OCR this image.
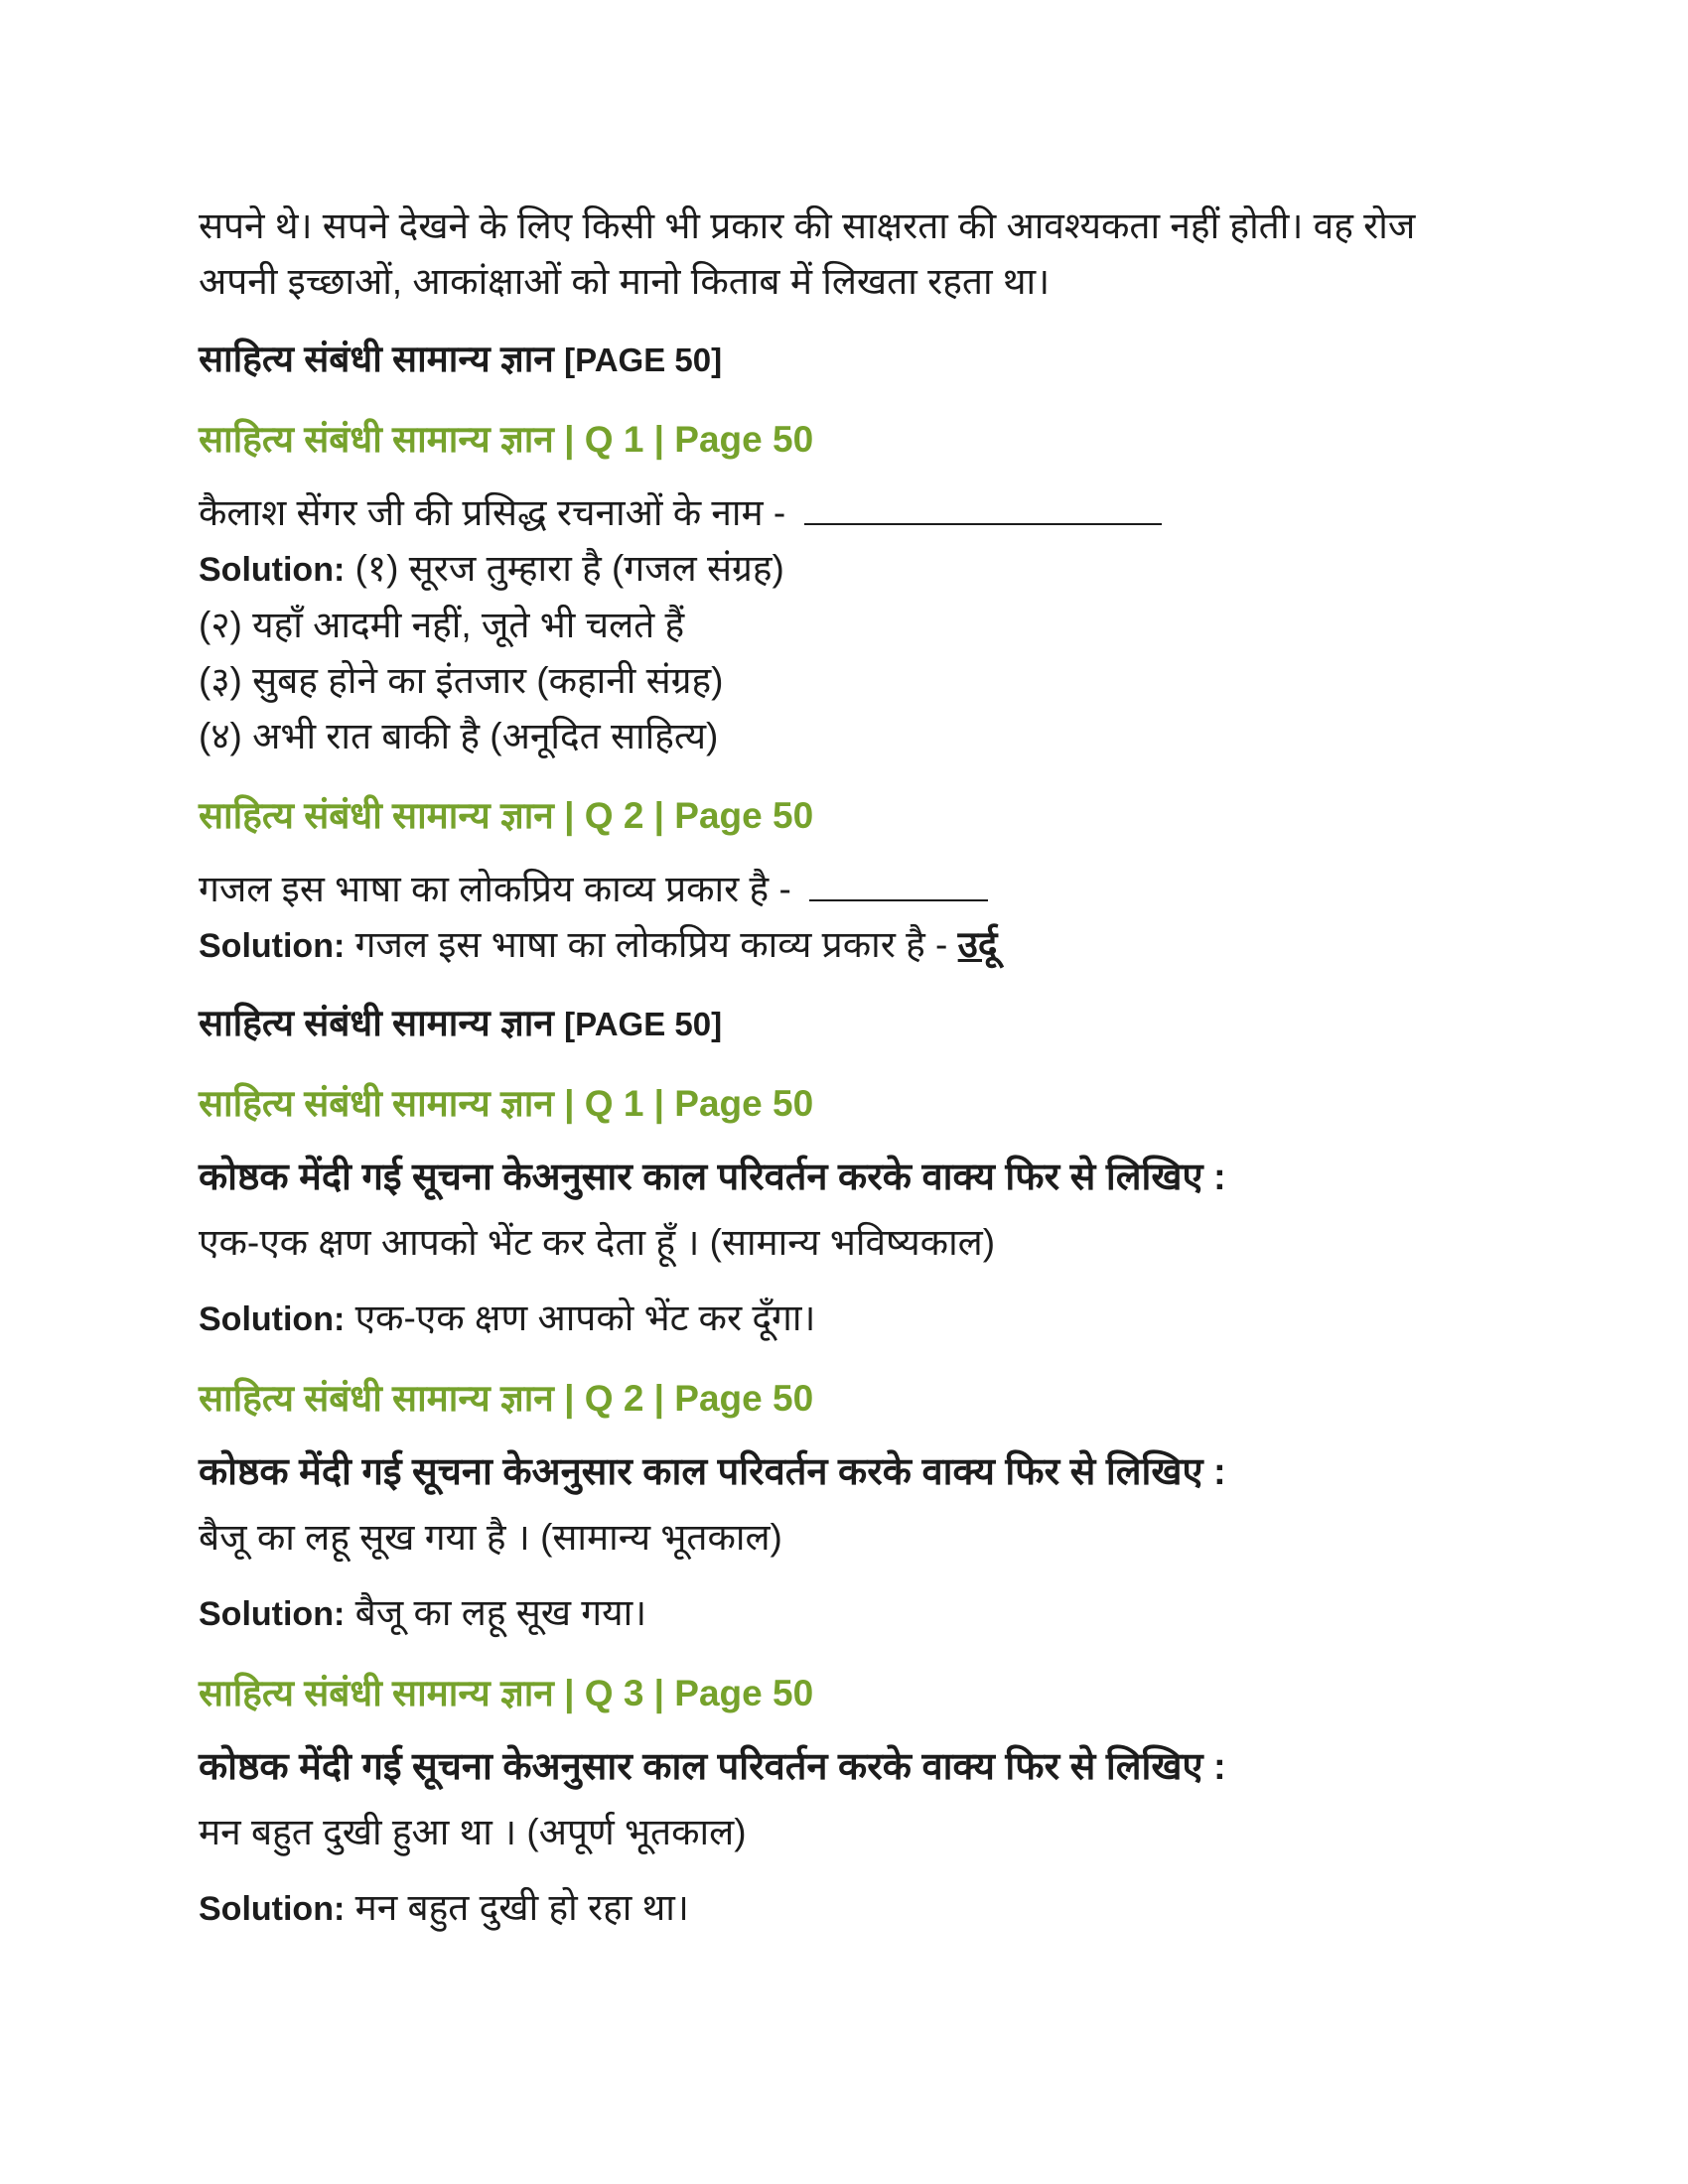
सपने थे। सपने देखने के लिए किसी भी प्रकार की साक्षरता की आवश्यकता नहीं होती। वह रोज

अपनी इच्छाओं, आकांक्षाओं को मानो किताब में लिखता रहता था।

साहित्य संबंधी सामान्य ज्ञान [PAGE 50]
साहित्य संबंधी सामान्य ज्ञान | Q 1 | Page 50

कैलाश सेंगर जी की प्रसिद्ध रचनाओं के नाम -

Solution: (१) सूरज तुम्हारा है (गजल संग्रह)

(२) यहाँ आदमी नहीं, जूते भी चलते हैं

(३) सुबह होने का इंतजार (कहानी संग्रह)

(४) अभी रात बाकी है (अनूदित साहित्य)

साहित्य संबंधी सामान्य ज्ञान | Q 2 | Page 50

गजल इस भाषा का लोकप्रिय काव्य प्रकार है -

Solution: गजल इस भाषा का लोकप्रिय काव्य प्रकार है - उर्दू

साहित्य संबंधी सामान्य ज्ञान [PAGE 50]
साहित्य संबंधी सामान्य ज्ञान | Q 1 | Page 50

कोष्ठक मेंदी गई सूचना केअनुसार काल परिवर्तन करके वाक्य फिर से लिखिए :

एक-एक क्षण आपको भेंट कर देता हूँ । (सामान्य भविष्यकाल)

Solution: एक-एक क्षण आपको भेंट कर दूँगा।

साहित्य संबंधी सामान्य ज्ञान | Q 2 | Page 50

कोष्ठक मेंदी गई सूचना केअनुसार काल परिवर्तन करके वाक्य फिर से लिखिए :

बैजू का लहू सूख गया है । (सामान्य भूतकाल)

Solution: बैजू का लहू सूख गया।

साहित्य संबंधी सामान्य ज्ञान | Q 3 | Page 50

कोष्ठक मेंदी गई सूचना केअनुसार काल परिवर्तन करके वाक्य फिर से लिखिए :

मन बहुत दुखी हुआ था । (अपूर्ण भूतकाल)

Solution: मन बहुत दुखी हो रहा था।
